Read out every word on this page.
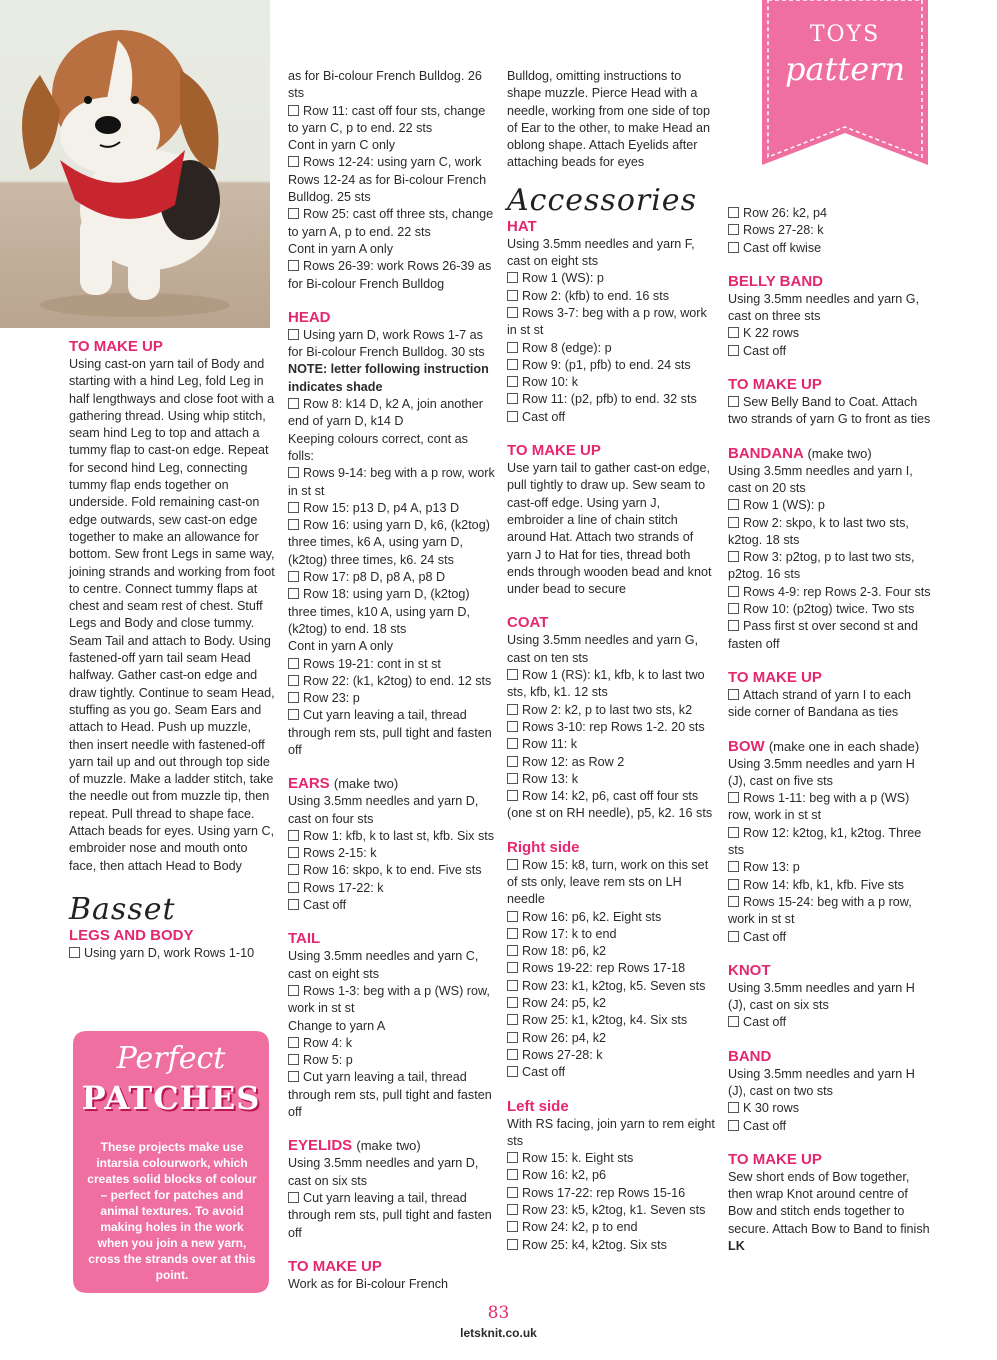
TOYS
pattern

TO MAKE UP

Using cast-on yarn tail of Body and starting with a hind Leg, fold Leg in half lengthways and close foot with a gathering thread. Using whip stitch, seam hind Leg to top and attach a tummy flap to cast-on edge. Repeat for second hind Leg, connecting tummy flap ends together on underside. Fold remaining cast-on edge outwards, sew cast-on edge together to make an allowance for bottom. Sew front Legs in same way, joining strands and working from foot to centre. Connect tummy flaps at chest and seam rest of chest. Stuff Legs and Body and close tummy. Seam Tail and attach to Body. Using fastened-off yarn tail seam Head halfway. Gather cast-on edge and draw tightly. Continue to seam Head, stuffing as you go. Seam Ears and attach to Head. Push up muzzle, then insert needle with fastened-off yarn tail up and out through top side of muzzle. Make a ladder stitch, take the needle out from muzzle tip, then repeat. Pull thread to shape face. Attach beads for eyes. Using yarn C, embroider nose and mouth onto face, then attach Head to Body

Basset

LEGS AND BODY

Using yarn D, work Rows 1-10

Perfect
PATCHES
These projects make use intarsia colourwork, which creates solid blocks of colour – perfect for patches and animal textures. To avoid making holes in the work when you join a new yarn, cross the strands over at this point.

as for Bi-colour French Bulldog. 26 sts

Row 11: cast off four sts, change to yarn C, p to end. 22 sts

Cont in yarn C only

Rows 12-24: using yarn C, work Rows 12-24 as for Bi-colour French Bulldog. 25 sts

Row 25: cast off three sts, change to yarn A, p to end. 22 sts

Cont in yarn A only

Rows 26-39: work Rows 26-39 as for Bi-colour French Bulldog

HEAD

Using yarn D, work Rows 1-7 as for Bi-colour French Bulldog. 30 sts

NOTE: letter following instruction indicates shade

Row 8: k14 D, k2 A, join another end of yarn D, k14 D

Keeping colours correct, cont as folls:

Rows 9-14: beg with a p row, work in st st

Row 15: p13 D, p4 A, p13 D

Row 16: using yarn D, k6, (k2tog) three times, k6 A, using yarn D, (k2tog) three times, k6. 24 sts

Row 17: p8 D, p8 A, p8 D

Row 18: using yarn D, (k2tog) three times, k10 A, using yarn D, (k2tog) to end. 18 sts

Cont in yarn A only

Rows 19-21: cont in st st

Row 22: (k1, k2tog) to end. 12 sts

Row 23: p

Cut yarn leaving a tail, thread through rem sts, pull tight and fasten off

EARS (make two)

Using 3.5mm needles and yarn D, cast on four sts

Row 1: kfb, k to last st, kfb. Six sts

Rows 2-15: k

Row 16: skpo, k to end. Five sts

Rows 17-22: k

Cast off

TAIL

Using 3.5mm needles and yarn C, cast on eight sts

Rows 1-3: beg with a p (WS) row, work in st st

Change to yarn A

Row 4: k

Row 5: p

Cut yarn leaving a tail, thread through rem sts, pull tight and fasten off

EYELIDS (make two)

Using 3.5mm needles and yarn D, cast on six sts

Cut yarn leaving a tail, thread through rem sts, pull tight and fasten off

TO MAKE UP

Work as for Bi-colour French

Bulldog, omitting instructions to shape muzzle. Pierce Head with a needle, working from one side of top of Ear to the other, to make Head an oblong shape. Attach Eyelids after attaching beads for eyes

Accessories

HAT

Using 3.5mm needles and yarn F, cast on eight sts

Row 1 (WS): p

Row 2: (kfb) to end. 16 sts

Rows 3-7: beg with a p row, work in st st

Row 8 (edge): p

Row 9: (p1, pfb) to end. 24 sts

Row 10: k

Row 11: (p2, pfb) to end. 32 sts

Cast off

TO MAKE UP

Use yarn tail to gather cast-on edge, pull tightly to draw up. Sew seam to cast-off edge. Using yarn J, embroider a line of chain stitch around Hat. Attach two strands of yarn J to Hat for ties, thread both ends through wooden bead and knot under bead to secure

COAT

Using 3.5mm needles and yarn G, cast on ten sts

Row 1 (RS): k1, kfb, k to last two sts, kfb, k1. 12 sts

Row 2: k2, p to last two sts, k2

Rows 3-10: rep Rows 1-2. 20 sts

Row 11: k

Row 12: as Row 2

Row 13: k

Row 14: k2, p6, cast off four sts (one st on RH needle), p5, k2. 16 sts

Right side

Row 15: k8, turn, work on this set of sts only, leave rem sts on LH needle

Row 16: p6, k2. Eight sts

Row 17: k to end

Row 18: p6, k2

Rows 19-22: rep Rows 17-18

Row 23: k1, k2tog, k5. Seven sts

Row 24: p5, k2

Row 25: k1, k2tog, k4. Six sts

Row 26: p4, k2

Rows 27-28: k

Cast off

Left side

With RS facing, join yarn to rem eight sts

Row 15: k. Eight sts

Row 16: k2, p6

Rows 17-22: rep Rows 15-16

Row 23: k5, k2tog, k1. Seven sts

Row 24: k2, p to end

Row 25: k4, k2tog. Six sts

Row 26: k2, p4

Rows 27-28: k

Cast off kwise

BELLY BAND

Using 3.5mm needles and yarn G, cast on three sts

K 22 rows

Cast off

TO MAKE UP

Sew Belly Band to Coat. Attach two strands of yarn G to front as ties

BANDANA (make two)

Using 3.5mm needles and yarn I, cast on 20 sts

Row 1 (WS): p

Row 2: skpo, k to last two sts, k2tog. 18 sts

Row 3: p2tog, p to last two sts, p2tog. 16 sts

Rows 4-9: rep Rows 2-3. Four sts

Row 10: (p2tog) twice. Two sts

Pass first st over second st and fasten off

TO MAKE UP

Attach strand of yarn I to each side corner of Bandana as ties

BOW (make one in each shade)

Using 3.5mm needles and yarn H (J), cast on five sts

Rows 1-11: beg with a p (WS) row, work in st st

Row 12: k2tog, k1, k2tog. Three sts

Row 13: p

Row 14: kfb, k1, kfb. Five sts

Rows 15-24: beg with a p row, work in st st

Cast off

KNOT

Using 3.5mm needles and yarn H (J), cast on six sts

Cast off

BAND

Using 3.5mm needles and yarn H (J), cast on two sts

K 30 rows

Cast off

TO MAKE UP

Sew short ends of Bow together, then wrap Knot around centre of Bow and stitch ends together to secure. Attach Bow to Band to finish LK

83
letsknit.co.uk
